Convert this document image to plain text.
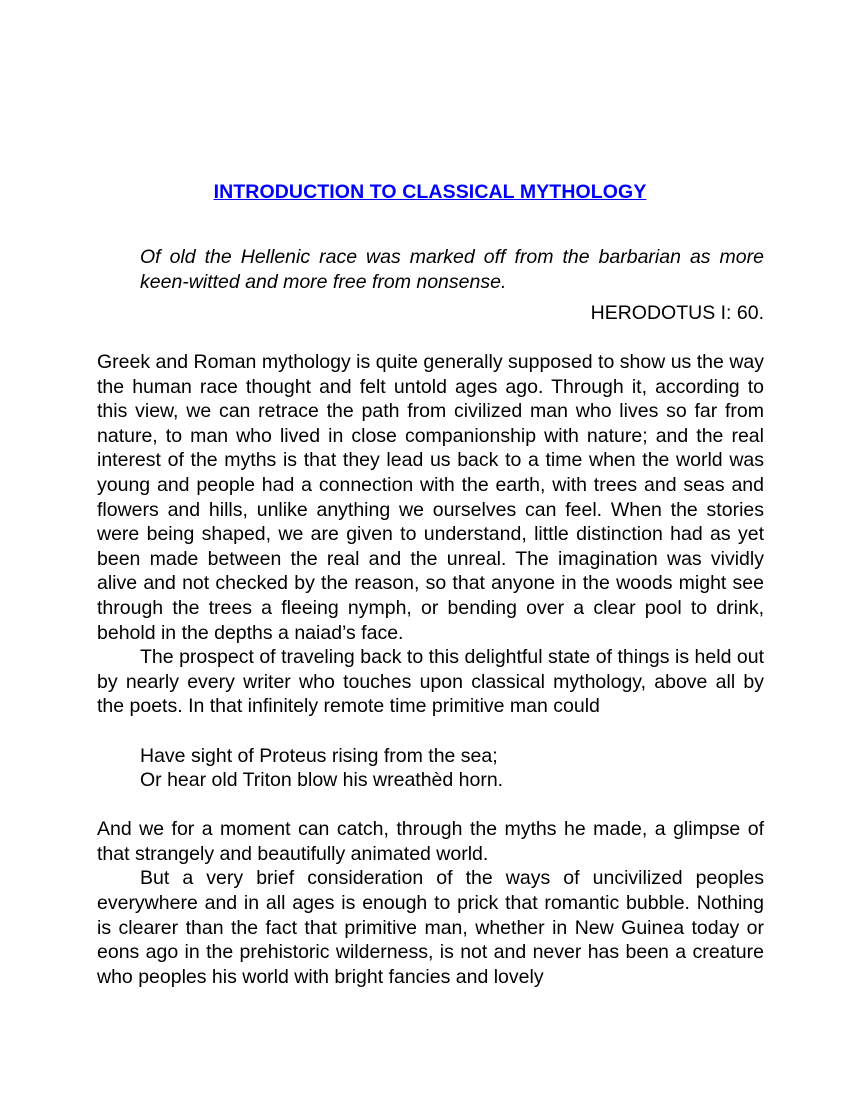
INTRODUCTION TO CLASSICAL MYTHOLOGY

Of old the Hellenic race was marked off from the barbarian as more keen-witted and more free from nonsense.

HERODOTUS I: 60.

Greek and Roman mythology is quite generally supposed to show us the way the human race thought and felt untold ages ago. Through it, according to this view, we can retrace the path from civilized man who lives so far from nature, to man who lived in close companionship with nature; and the real interest of the myths is that they lead us back to a time when the world was young and people had a connection with the earth, with trees and seas and flowers and hills, unlike anything we ourselves can feel. When the stories were being shaped, we are given to understand, little distinction had as yet been made between the real and the unreal. The imagination was vividly alive and not checked by the reason, so that anyone in the woods might see through the trees a fleeing nymph, or bending over a clear pool to drink, behold in the depths a naiad’s face.

The prospect of traveling back to this delightful state of things is held out by nearly every writer who touches upon classical mythology, above all by the poets. In that infinitely remote time primitive man could

Have sight of Proteus rising from the sea;

Or hear old Triton blow his wreathèd horn.

And we for a moment can catch, through the myths he made, a glimpse of that strangely and beautifully animated world.

But a very brief consideration of the ways of uncivilized peoples everywhere and in all ages is enough to prick that romantic bubble. Nothing is clearer than the fact that primitive man, whether in New Guinea today or eons ago in the prehistoric wilderness, is not and never has been a creature who peoples his world with bright fancies and lovely
